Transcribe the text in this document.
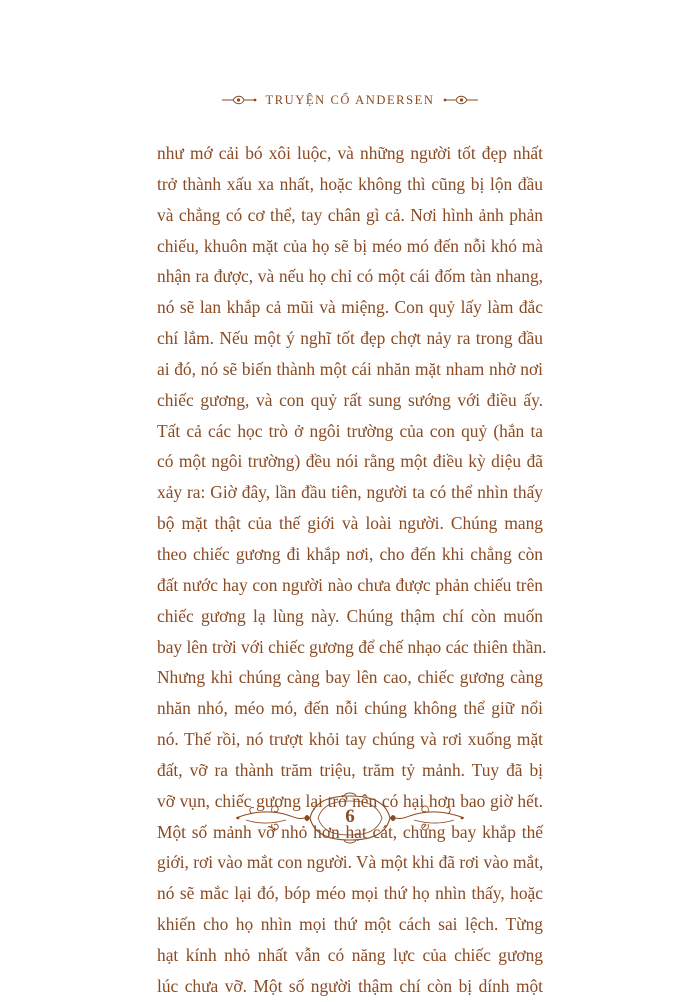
TRUYỆN CỔ ANDERSEN
như mớ cải bó xôi luộc, và những người tốt đẹp nhất
trở thành xấu xa nhất, hoặc không thì cũng bị lộn đầu
và chẳng có cơ thể, tay chân gì cả. Nơi hình ảnh phản
chiếu, khuôn mặt của họ sẽ bị méo mó đến nỗi khó mà
nhận ra được, và nếu họ chỉ có một cái đốm tàn nhang,
nó sẽ lan khắp cả mũi và miệng. Con quỷ lấy làm đắc
chí lắm. Nếu một ý nghĩ tốt đẹp chợt nảy ra trong đầu
ai đó, nó sẽ biến thành một cái nhăn mặt nham nhở nơi
chiếc gương, và con quỷ rất sung sướng với điều ấy.
Tất cả các học trò ở ngôi trường của con quỷ (hắn ta
có một ngôi trường) đều nói rằng một điều kỳ diệu đã
xảy ra: Giờ đây, lần đầu tiên, người ta có thể nhìn thấy
bộ mặt thật của thế giới và loài người. Chúng mang
theo chiếc gương đi khắp nơi, cho đến khi chẳng còn
đất nước hay con người nào chưa được phản chiếu trên
chiếc gương lạ lùng này. Chúng thậm chí còn muốn
bay lên trời với chiếc gương để chế nhạo các thiên thần.
Nhưng khi chúng càng bay lên cao, chiếc gương càng
nhăn nhó, méo mó, đến nỗi chúng không thể giữ nổi
nó. Thế rồi, nó trượt khỏi tay chúng và rơi xuống mặt
đất, vỡ ra thành trăm triệu, trăm tỷ mảnh. Tuy đã bị
vỡ vụn, chiếc gương lại trở nên có hại hơn bao giờ hết.
Một số mảnh vỡ nhỏ hơn hạt cát, chúng bay khắp thế
giới, rơi vào mắt con người. Và một khi đã rơi vào mắt,
nó sẽ mắc lại đó, bóp méo mọi thứ họ nhìn thấy, hoặc
khiến cho họ nhìn mọi thứ một cách sai lệch. Từng
hạt kính nhỏ nhất vẫn có năng lực của chiếc gương
lúc chưa vỡ. Một số người thậm chí còn bị dính một
6
